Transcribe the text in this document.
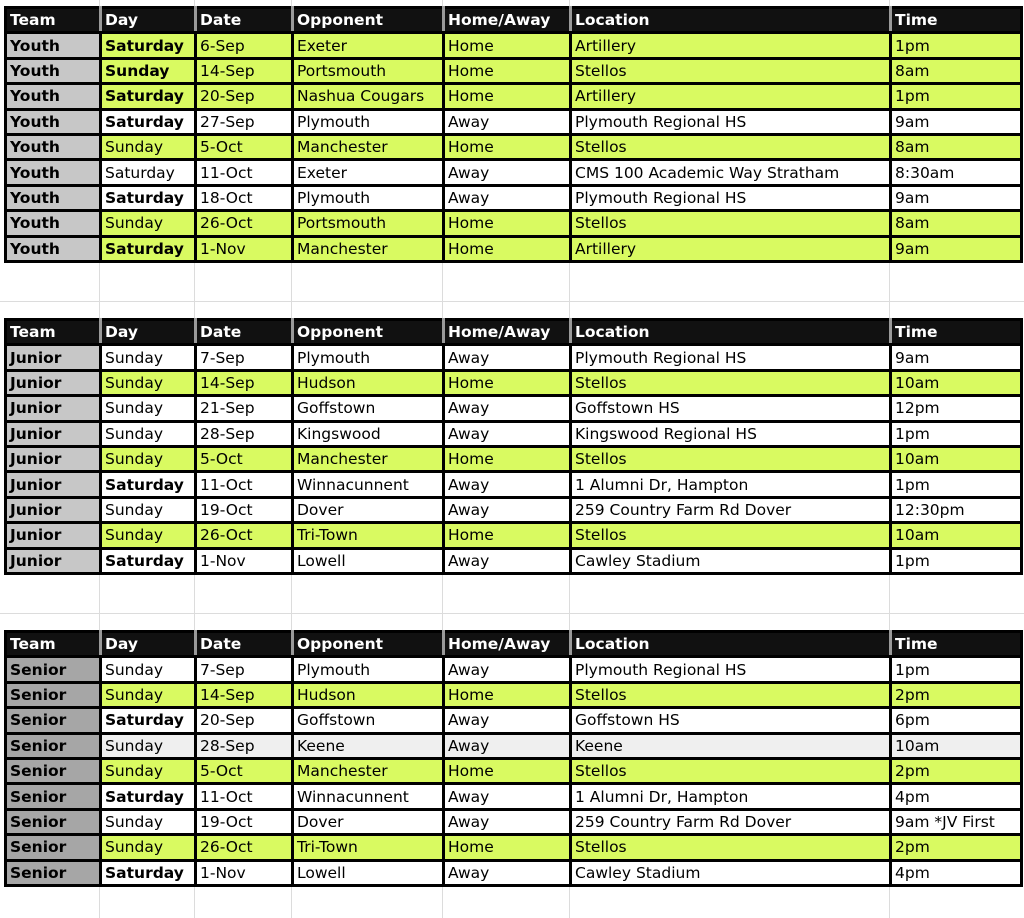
Team	Day	Date	Opponent	Home/Away	Location	Time
Youth	Saturday	6-Sep	Exeter	Home	Artillery	1pm
Youth	Sunday	14-Sep	Portsmouth	Home	Stellos	8am
Youth	Saturday	20-Sep	Nashua Cougars	Home	Artillery	1pm
Youth	Saturday	27-Sep	Plymouth	Away	Plymouth Regional HS	9am
Youth	Sunday	5-Oct	Manchester	Home	Stellos	8am
Youth	Saturday	11-Oct	Exeter	Away	CMS 100 Academic Way Stratham	8:30am
Youth	Saturday	18-Oct	Plymouth	Away	Plymouth Regional HS	9am
Youth	Sunday	26-Oct	Portsmouth	Home	Stellos	8am
Youth	Saturday	1-Nov	Manchester	Home	Artillery	9am
Team	Day	Date	Opponent	Home/Away	Location	Time
Junior	Sunday	7-Sep	Plymouth	Away	Plymouth Regional HS	9am
Junior	Sunday	14-Sep	Hudson	Home	Stellos	10am
Junior	Sunday	21-Sep	Goffstown	Away	Goffstown HS	12pm
Junior	Sunday	28-Sep	Kingswood	Away	Kingswood Regional HS	1pm
Junior	Sunday	5-Oct	Manchester	Home	Stellos	10am
Junior	Saturday	11-Oct	Winnacunnent	Away	1 Alumni Dr, Hampton	1pm
Junior	Sunday	19-Oct	Dover	Away	259 Country Farm Rd Dover	12:30pm
Junior	Sunday	26-Oct	Tri-Town	Home	Stellos	10am
Junior	Saturday	1-Nov	Lowell	Away	Cawley Stadium	1pm
Team	Day	Date	Opponent	Home/Away	Location	Time
Senior	Sunday	7-Sep	Plymouth	Away	Plymouth Regional HS	1pm
Senior	Sunday	14-Sep	Hudson	Home	Stellos	2pm
Senior	Saturday	20-Sep	Goffstown	Away	Goffstown HS	6pm
Senior	Sunday	28-Sep	Keene	Away	Keene	10am
Senior	Sunday	5-Oct	Manchester	Home	Stellos	2pm
Senior	Saturday	11-Oct	Winnacunnent	Away	1 Alumni Dr, Hampton	4pm
Senior	Sunday	19-Oct	Dover	Away	259 Country Farm Rd Dover	9am *JV First
Senior	Sunday	26-Oct	Tri-Town	Home	Stellos	2pm
Senior	Saturday	1-Nov	Lowell	Away	Cawley Stadium	4pm
